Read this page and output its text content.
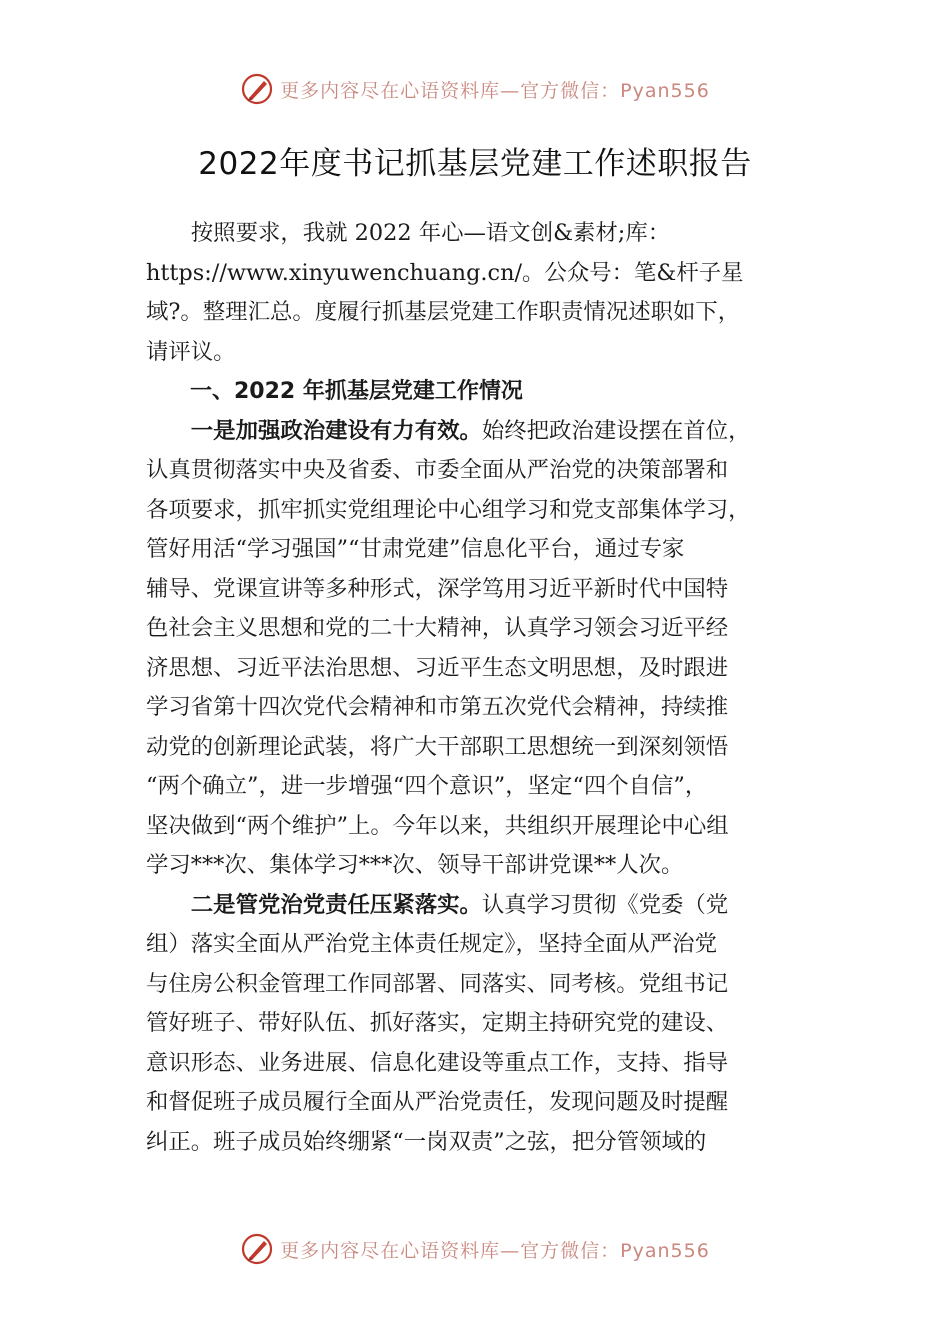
更多内容尽在心语资料库—官方微信：Pyan556
2022年度书记抓基层党建工作述职报告

按照要求，我就 2022 年心—语文创&素材;库：
https://www.xinyuwenchuang.cn/。公众号：笔&杆子星
域?。整理汇总。度履行抓基层党建工作职责情况述职如下，
请评议。

一、2022 年抓基层党建工作情况

一是加强政治建设有力有效。始终把政治建设摆在首位，
认真贯彻落实中央及省委、市委全面从严治党的决策部署和
各项要求，抓牢抓实党组理论中心组学习和党支部集体学习，
管好用活“学习强国”“甘肃党建”信息化平台，通过专家
辅导、党课宣讲等多种形式，深学笃用习近平新时代中国特
色社会主义思想和党的二十大精神，认真学习领会习近平经
济思想、习近平法治思想、习近平生态文明思想，及时跟进
学习省第十四次党代会精神和市第五次党代会精神，持续推
动党的创新理论武装，将广大干部职工思想统一到深刻领悟
“两个确立”，进一步增强“四个意识”，坚定“四个自信”，
坚决做到“两个维护”上。今年以来，共组织开展理论中心组
学习***次、集体学习***次、领导干部讲党课**人次。

二是管党治党责任压紧落实。认真学习贯彻《党委（党
组）落实全面从严治党主体责任规定》，坚持全面从严治党
与住房公积金管理工作同部署、同落实、同考核。党组书记
管好班子、带好队伍、抓好落实，定期主持研究党的建设、
意识形态、业务进展、信息化建设等重点工作，支持、指导
和督促班子成员履行全面从严治党责任，发现问题及时提醒
纠正。班子成员始终绷紧“一岗双责”之弦，把分管领域的

更多内容尽在心语资料库—官方微信：Pyan556
